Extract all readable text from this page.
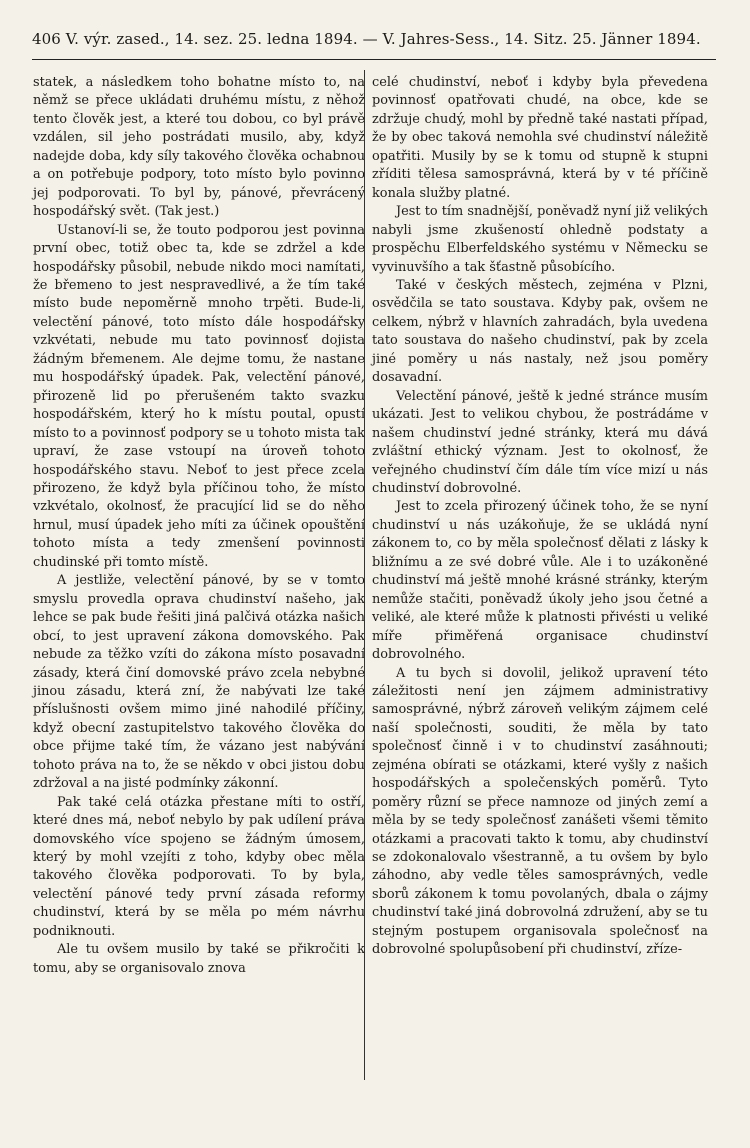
406 V. výr. zased., 14. sez. 25. ledna 1894. — V. Jahres-Sess., 14. Sitz. 25. Jänner 1894.

statek, a následkem toho bohatne místo to, na němž se přece ukládati druhému místu, z něhož tento člověk jest, a které tou dobou, co byl právě vzdálen, sil jeho postrádati musilo, aby, když nadejde doba, kdy síly takového člověka ochabnou a on potřebuje podpory, toto místo bylo povinno jej podporovati. To byl by, pánové, převrácený hospodářský svět. (Tak jest.)

Ustanoví-li se, že touto podporou jest povinna první obec, totiž obec ta, kde se zdržel a kde hospodářsky působil, nebude nikdo moci namítati, že břemeno to jest nespravedlivé, a že tím také místo bude nepoměrně mnoho trpěti. Bude-li, velectění pánové, toto místo dále hospodářsky vzkvétati, nebude mu tato povinnosť dojista žádným břemenem. Ale dejme tomu, že nastane mu hospodářský úpadek. Pak, velectění pánové, přirozeně lid po přerušeném takto svazku hospodářském, který ho k místu poutal, opustí místo to a povinnosť podpory se u tohoto mista tak upraví, že zase vstoupí na úroveň tohoto hospodářského stavu. Neboť to jest přece zcela přirozeno, že když byla příčinou toho, že místo vzkvétalo, okolnosť, že pracující lid se do něho hrnul, musí úpadek jeho míti za účinek opouštění tohoto místa a tedy zmenšení povinnosti chudinské při tomto místě.

A jestliže, velectění pánové, by se v tomto smyslu provedla oprava chudinství našeho, jak lehce se pak bude řešiti jiná palčivá otázka našich obcí, to jest upravení zákona domovského. Pak nebude za těžko vzíti do zákona místo posavadní zásady, která činí domovské právo zcela nebybné jinou zásadu, která zní, že nabývati lze také příslušnosti ovšem mimo jiné nahodilé příčiny, když obecní zastupitelstvo takového člověka do obce přijme také tím, že vázano jest nabývání tohoto práva na to, že se někdo v obci jistou dobu zdržoval a na jisté podmínky zákonní.

Pak také celá otázka přestane míti to ostří, které dnes má, neboť nebylo by pak udílení práva domovského více spojeno se žádným úmosem, který by mohl vzejíti z toho, kdyby obec měla takového člověka podporovati. To by byla, velectění pánové tedy první zásada reformy chudinství, která by se měla po mém návrhu podniknouti.

Ale tu ovšem musilo by také se přikročiti k tomu, aby se organisovalo znova

celé chudinství, neboť i kdyby byla převedena povinnosť opatřovati chudé, na obce, kde se zdržuje chudý, mohl by předně také nastati případ, že by obec taková nemohla své chudinství náležitě opatřiti. Musily by se k tomu od stupně k stupni zříditi tělesa samosprávná, která by v té příčině konala služby platné.

Jest to tím snadnější, poněvadž nyní již velikých nabyli jsme zkušeností ohledně podstaty a prospěchu Elberfeldského systému v Německu se vyvinuvšího a tak šťastně působícího.

Také v českých městech, zejména v Plzni, osvědčila se tato soustava. Kdyby pak, ovšem ne celkem, nýbrž v hlavních zahradách, byla uvedena tato soustava do našeho chudinství, pak by zcela jiné poměry u nás nastaly, než jsou poměry dosavadní.

Velectění pánové, ještě k jedné stránce musím ukázati. Jest to velikou chybou, že postrádáme v našem chudinství jedné stránky, která mu dává zvláštní ethický význam. Jest to okolnosť, že veřejného chudinství čím dále tím více mizí u nás chudinství dobrovolné.

Jest to zcela přirozený účinek toho, že se nyní chudinství u nás uzákoňuje, že se ukládá nyní zákonem to, co by měla společnosť dělati z lásky k bližnímu a ze své dobré vůle. Ale i to uzákoněné chudinství má ještě mnohé krásné stránky, kterým nemůže stačiti, poněvadž úkoly jeho jsou četné a veliké, ale které může k platnosti přivésti u veliké míře přiměřená organisace chudinství dobrovolného.

A tu bych si dovolil, jelikož upravení této záležitosti není jen zájmem administrativy samosprávné, nýbrž zároveň velikým zájmem celé naší společnosti, souditi, že měla by tato společnosť činně i v to chudinství zasáhnouti; zejména obírati se otázkami, které vyšly z našich hospodářských a společenských poměrů. Tyto poměry různí se přece namnoze od jiných zemí a měla by se tedy společnosť zanášeti všemi těmito otázkami a pracovati takto k tomu, aby chudinství se zdokonalovalo všestranně, a tu ovšem by bylo záhodno, aby vedle těles samosprávných, vedle sborů zákonem k tomu povolaných, dbala o zájmy chudinství také jiná dobrovolná združení, aby se tu stejným postupem organisovala společnosť na dobrovolné spolupůsobení při chudinství, zříze-
